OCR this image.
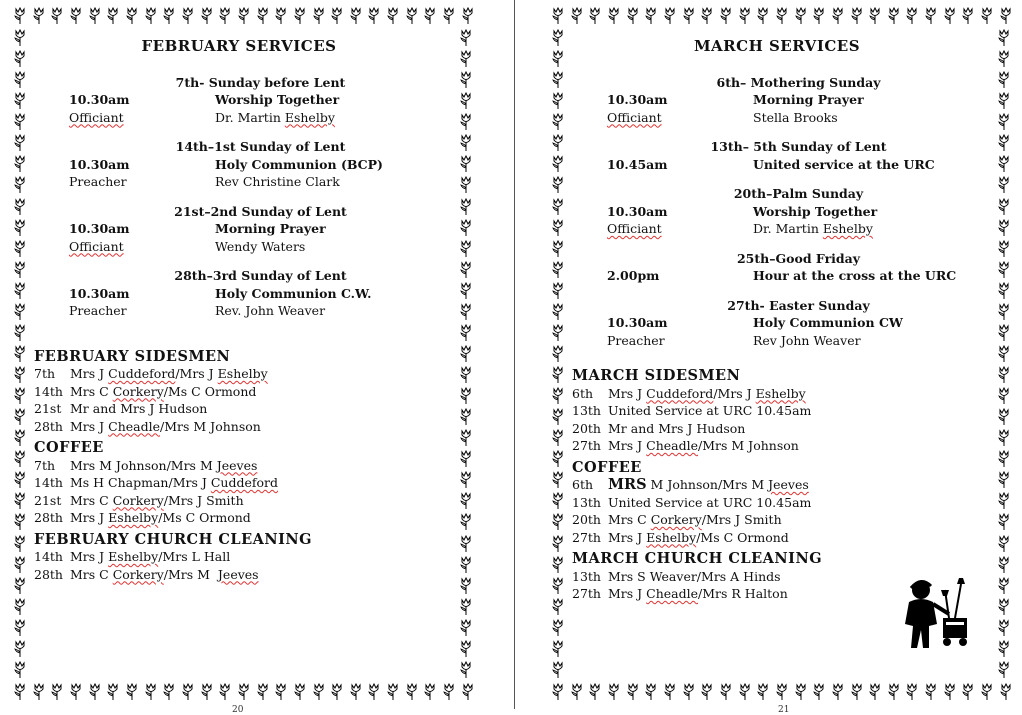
FEBRUARY SERVICES
7th- Sunday before Lent
10.30am	Worship Together
Officiant	Dr. Martin Eshelby
14th–1st Sunday of Lent
10.30am	Holy Communion (BCP)
Preacher	Rev Christine Clark
21st–2nd Sunday of Lent
10.30am	Morning Prayer
Officiant	Wendy Waters
28th–3rd Sunday of Lent
10.30am	Holy Communion C.W.
Preacher	Rev. John Weaver
FEBRUARY SIDESMEN
7th	Mrs J Cuddeford/Mrs J Eshelby
14th Mrs C Corkery/Ms C Ormond
21st Mr and Mrs J Hudson
28th Mrs J Cheadle/Mrs M Johnson
COFFEE
7th	Mrs M Johnson/Mrs M Jeeves
14th Ms H Chapman/Mrs J Cuddeford
21st Mrs C Corkery/Mrs J Smith
28th Mrs J Eshelby/Ms C Ormond
FEBRUARY CHURCH CLEANING
14th Mrs J Eshelby/Mrs L Hall
28th Mrs C Corkery/Mrs M  Jeeves
20
MARCH SERVICES
6th– Mothering Sunday
10.30am	Morning Prayer
Officiant	Stella Brooks
13th– 5th Sunday of Lent
10.45am	United service at the URC
20th–Palm Sunday
10.30am	Worship Together
Officiant	Dr. Martin Eshelby
25th–Good Friday
2.00pm	Hour at the cross at the URC
27th- Easter Sunday
10.30am	Holy Communion CW
Preacher	Rev John Weaver
MARCH SIDESMEN
6th	Mrs J Cuddeford/Mrs J Eshelby
13th United Service at URC 10.45am
20th Mr and Mrs J Hudson
27th Mrs J Cheadle/Mrs M Johnson
COFFEE
6th	MRS M Johnson/Mrs M Jeeves
13th United Service at URC 10.45am
20th Mrs C Corkery/Mrs J Smith
27th Mrs J Eshelby/Ms C Ormond
MARCH CHURCH CLEANING
13th Mrs S Weaver/Mrs A Hinds
27th Mrs J Cheadle/Mrs R Halton
21
